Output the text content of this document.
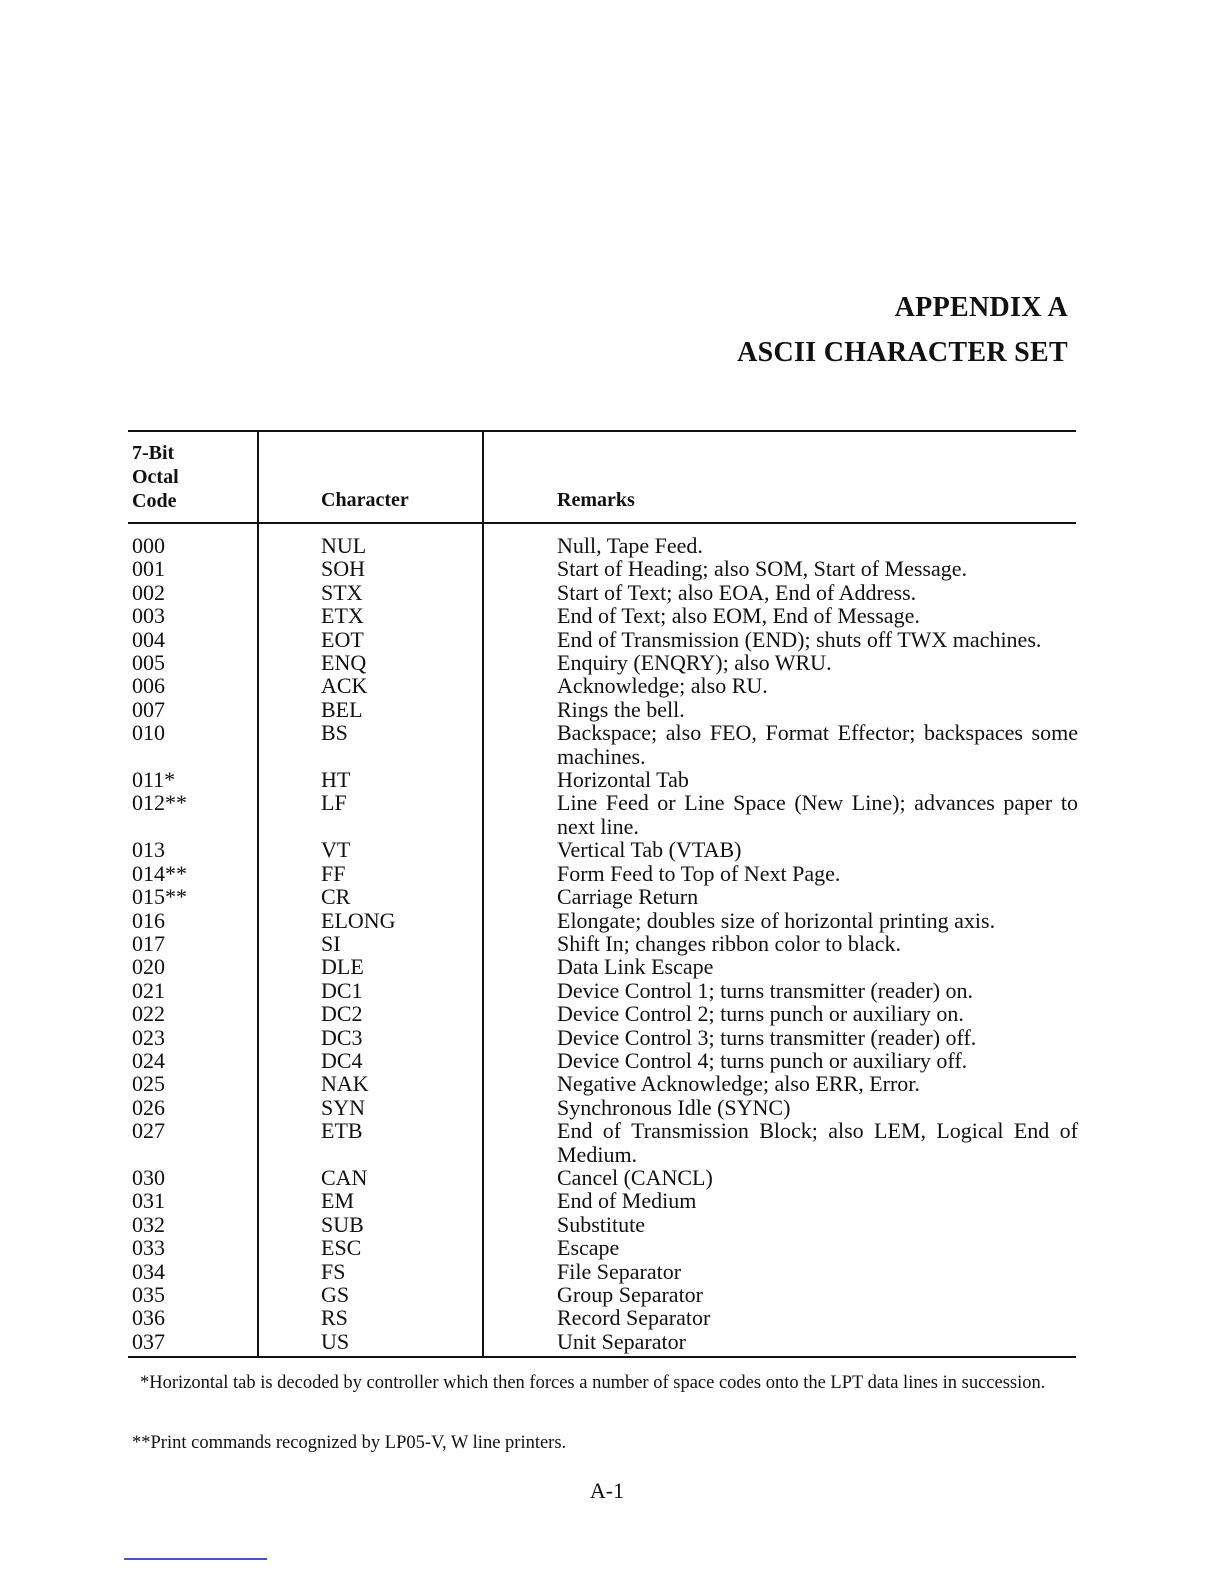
APPENDIX A
ASCII CHARACTER SET
7-Bit
Octal
Code	Character	Remarks
000	NUL	Null, Tape Feed.
001	SOH	Start of Heading; also SOM, Start of Message.
002	STX	Start of Text; also EOA, End of Address.
003	ETX	End of Text; also EOM, End of Message.
004	EOT	End of Transmission (END); shuts off TWX machines.
005	ENQ	Enquiry (ENQRY); also WRU.
006	ACK	Acknowledge; also RU.
007	BEL	Rings the bell.
010	BS	Backspace; also FEO, Format Effector; backspaces some machines.
011*	HT	Horizontal Tab
012**	LF	Line Feed or Line Space (New Line); advances paper to next line.
013	VT	Vertical Tab (VTAB)
014**	FF	Form Feed to Top of Next Page.
015**	CR	Carriage Return
016	ELONG	Elongate; doubles size of horizontal printing axis.
017	SI	Shift In; changes ribbon color to black.
020	DLE	Data Link Escape
021	DC1	Device Control 1; turns transmitter (reader) on.
022	DC2	Device Control 2; turns punch or auxiliary on.
023	DC3	Device Control 3; turns transmitter (reader) off.
024	DC4	Device Control 4; turns punch or auxiliary off.
025	NAK	Negative Acknowledge; also ERR, Error.
026	SYN	Synchronous Idle (SYNC)
027	ETB	End of Transmission Block; also LEM, Logical End of Medium.
030	CAN	Cancel (CANCL)
031	EM	End of Medium
032	SUB	Substitute
033	ESC	Escape
034	FS	File Separator
035	GS	Group Separator
036	RS	Record Separator
037	US	Unit Separator
*Horizontal tab is decoded by controller which then forces a number of space codes onto the LPT data lines in succession.
**Print commands recognized by LP05-V, W line printers.
A-1
